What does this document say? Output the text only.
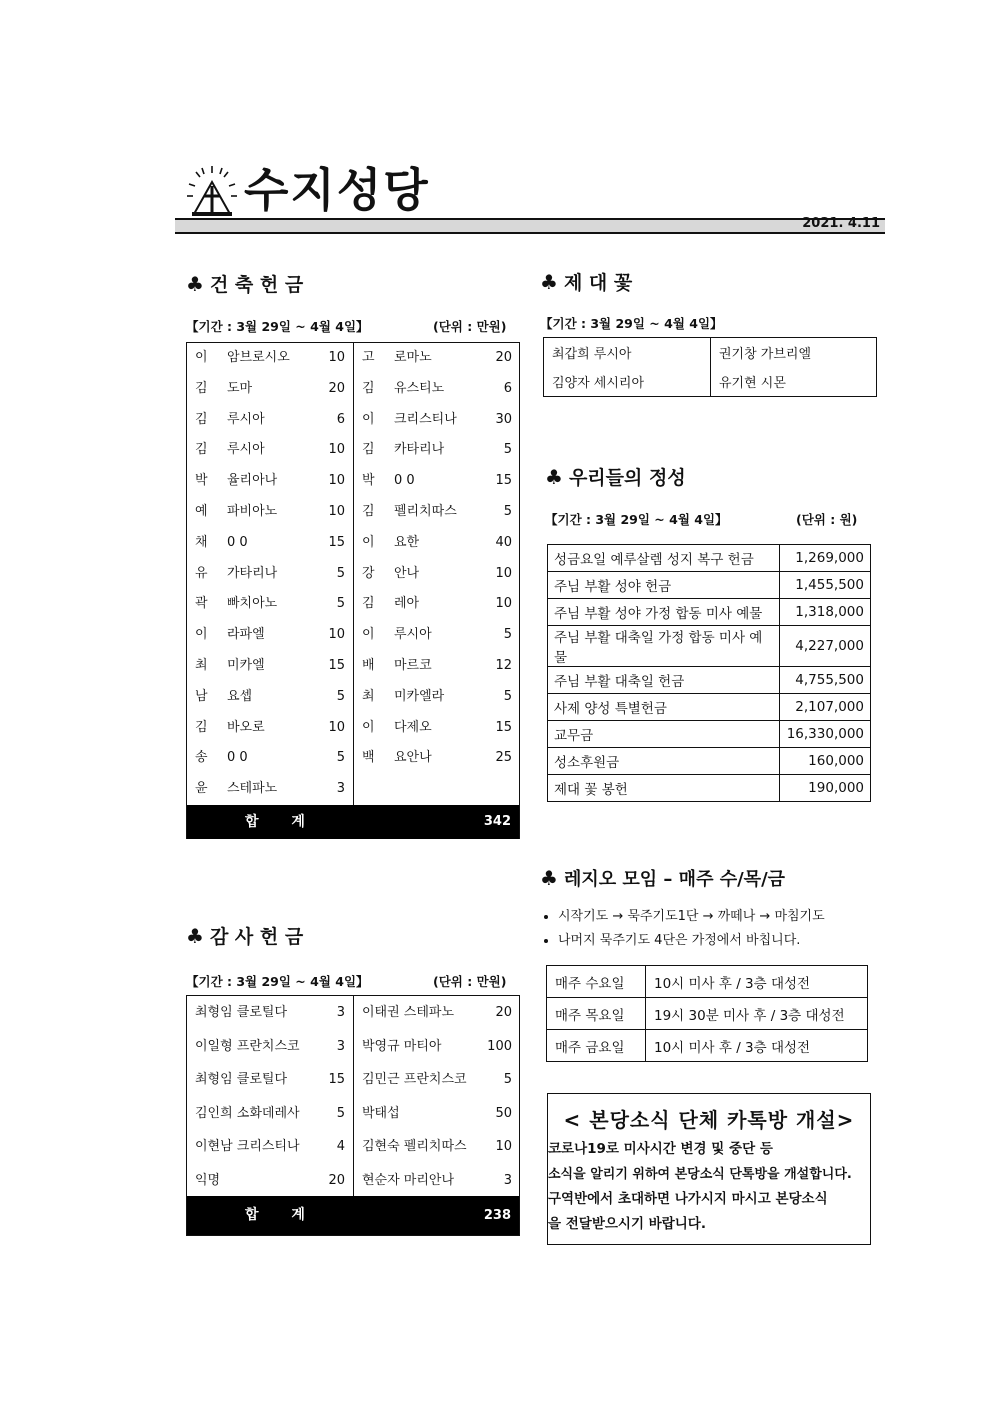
수지성당
2021. 4.11
♣ 건 축 헌 금
【기간 : 3월 29일 ~ 4월 4일】	(단위 : 만원)
이 암브로시오	10
김 도마	20
김 루시아	6
김 루시아	10
박 율리아나	10
예 파비아노	10
채 0 0	15
유 가타리나	5
곽 빠치아노	5
이 라파엘	10
최 미카엘	15
남 요셉	5
김 바오로	10
송 0 0	5
윤 스테파노	3
고 로마노	20
김 유스티노	6
이 크리스티나	30
김 카타리나	5
박 0 0	15
김 펠리치따스	5
이 요한	40
강 안나	10
김 레아	10
이 루시아	5
배 마르코	12
최 미카엘라	5
이 다제오	15
백 요안나	25
합 계	342
♣ 감 사 헌 금
【기간 : 3월 29일 ~ 4월 4일】	(단위 : 만원)
최형임 클로틸다	3
이일형 프란치스코	3
최형임 클로틸다	15
김인희 소화데레사	5
이현남 크리스티나	4
익명	20
이태권 스테파노	20
박영규 마티아	100
김민근 프란치스코	5
박태섭	50
김현숙 펠리치따스 10
현순자 마리안나	3
합 계	238
♣ 제 대 꽃
【기간 : 3월 29일 ~ 4월 4일】
최갑희 루시아	권기창 가브리엘
김양자 세시리아	유기현 시몬
♣ 우리들의 정성
【기간 : 3월 29일 ~ 4월 4일】	(단위 : 원)
성금요일 예루살렘 성지 복구 헌금	1,269,000
주님 부활 성야 헌금	1,455,500
주님 부활 성야 가정 합동 미사 예물	1,318,000
주님 부활 대축일 가정 합동 미사 예물	4,227,000
주님 부활 대축일 헌금	4,755,500
사제 양성 특별헌금	2,107,000
교무금	16,330,000
성소후원금	160,000
제대 꽃 봉헌	190,000
♣ 레지오 모임 – 매주 수/목/금
• 시작기도 → 묵주기도1단 → 까떼나 → 마침기도
• 나머지 묵주기도 4단은 가정에서 바칩니다.
매주 수요일	10시 미사 후 / 3층 대성전
매주 목요일	19시 30분 미사 후 / 3층 대성전
매주 금요일	10시 미사 후 / 3층 대성전
< 본당소식 단체 카톡방 개설>
코로나19로 미사시간 변경 및 중단 등
소식을 알리기 위하여 본당소식 단톡방을 개설합니다.
구역반에서 초대하면 나가시지 마시고 본당소식
을 전달받으시기 바랍니다.
